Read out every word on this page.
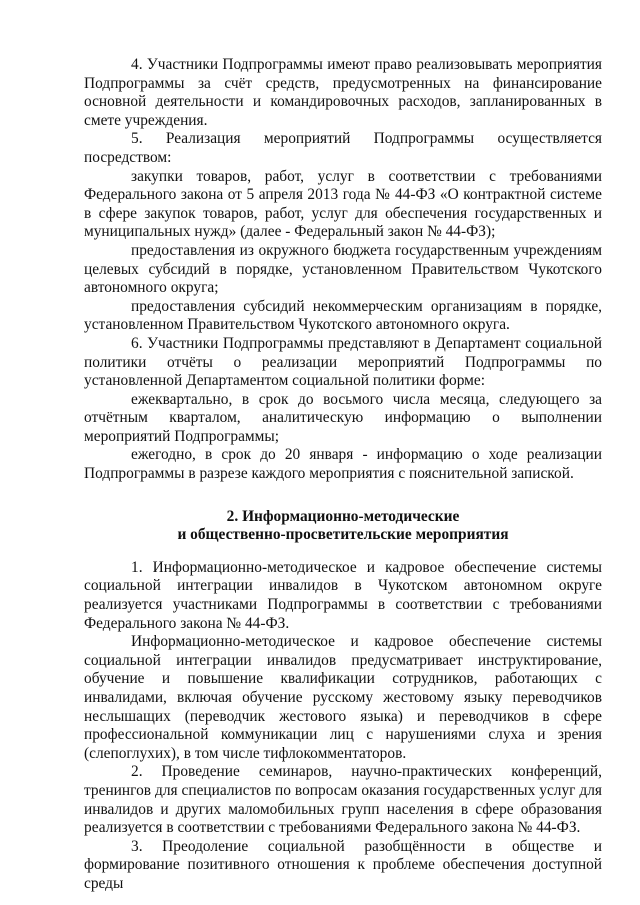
4. Участники Подпрограммы имеют право реализовывать мероприятия Подпрограммы за счёт средств, предусмотренных на финансирование основной деятельности и командировочных расходов, запланированных в смете учреждения.

5. Реализация мероприятий Подпрограммы осуществляется посредством:

закупки товаров, работ, услуг в соответствии с требованиями Федерального закона от 5 апреля 2013 года № 44-ФЗ «О контрактной системе в сфере закупок товаров, работ, услуг для обеспечения государственных и муниципальных нужд» (далее - Федеральный закон № 44-ФЗ);

предоставления из окружного бюджета государственным учреждениям целевых субсидий в порядке, установленном Правительством Чукотского автономного округа;

предоставления субсидий некоммерческим организациям в порядке, установленном Правительством Чукотского автономного округа.

6. Участники Подпрограммы представляют в Департамент социальной политики отчёты о реализации мероприятий Подпрограммы по установленной Департаментом социальной политики форме:

ежеквартально, в срок до восьмого числа месяца, следующего за отчётным кварталом, аналитическую информацию о выполнении мероприятий Подпрограммы;

ежегодно, в срок до 20 января - информацию о ходе реализации Подпрограммы в разрезе каждого мероприятия с пояснительной запиской.

2. Информационно-методические
и общественно-просветительские мероприятия

1. Информационно-методическое и кадровое обеспечение системы социальной интеграции инвалидов в Чукотском автономном округе реализуется участниками Подпрограммы в соответствии с требованиями Федерального закона № 44-ФЗ.

Информационно-методическое и кадровое обеспечение системы социальной интеграции инвалидов предусматривает инструктирование, обучение и повышение квалификации сотрудников, работающих с инвалидами, включая обучение русскому жестовому языку переводчиков неслышащих (переводчик жестового языка) и переводчиков в сфере профессиональной коммуникации лиц с нарушениями слуха и зрения (слепоглухих), в том числе тифлокомментаторов.

2. Проведение семинаров, научно-практических конференций, тренингов для специалистов по вопросам оказания государственных услуг для инвалидов и других маломобильных групп населения в сфере образования реализуется в соответствии с требованиями Федерального закона № 44-ФЗ.

3. Преодоление социальной разобщённости в обществе и формирование позитивного отношения к проблеме обеспечения доступной среды
